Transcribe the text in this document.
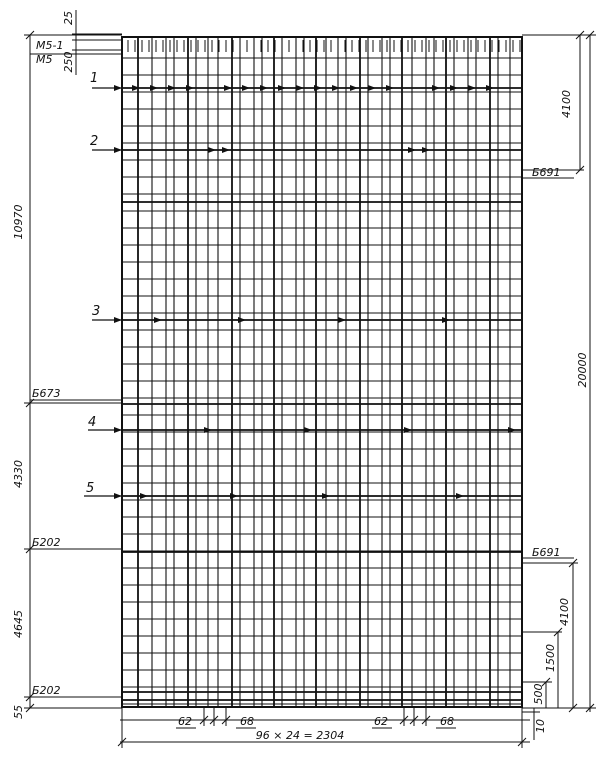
10970
4330
4645
55
25
250
M5-1
M5
4100
20000
4100
1500
500
10
Б691
Б673
Б202
Б691
Б202
1
2
3
4
5
62	68	62	68
96 × 24 = 2304
